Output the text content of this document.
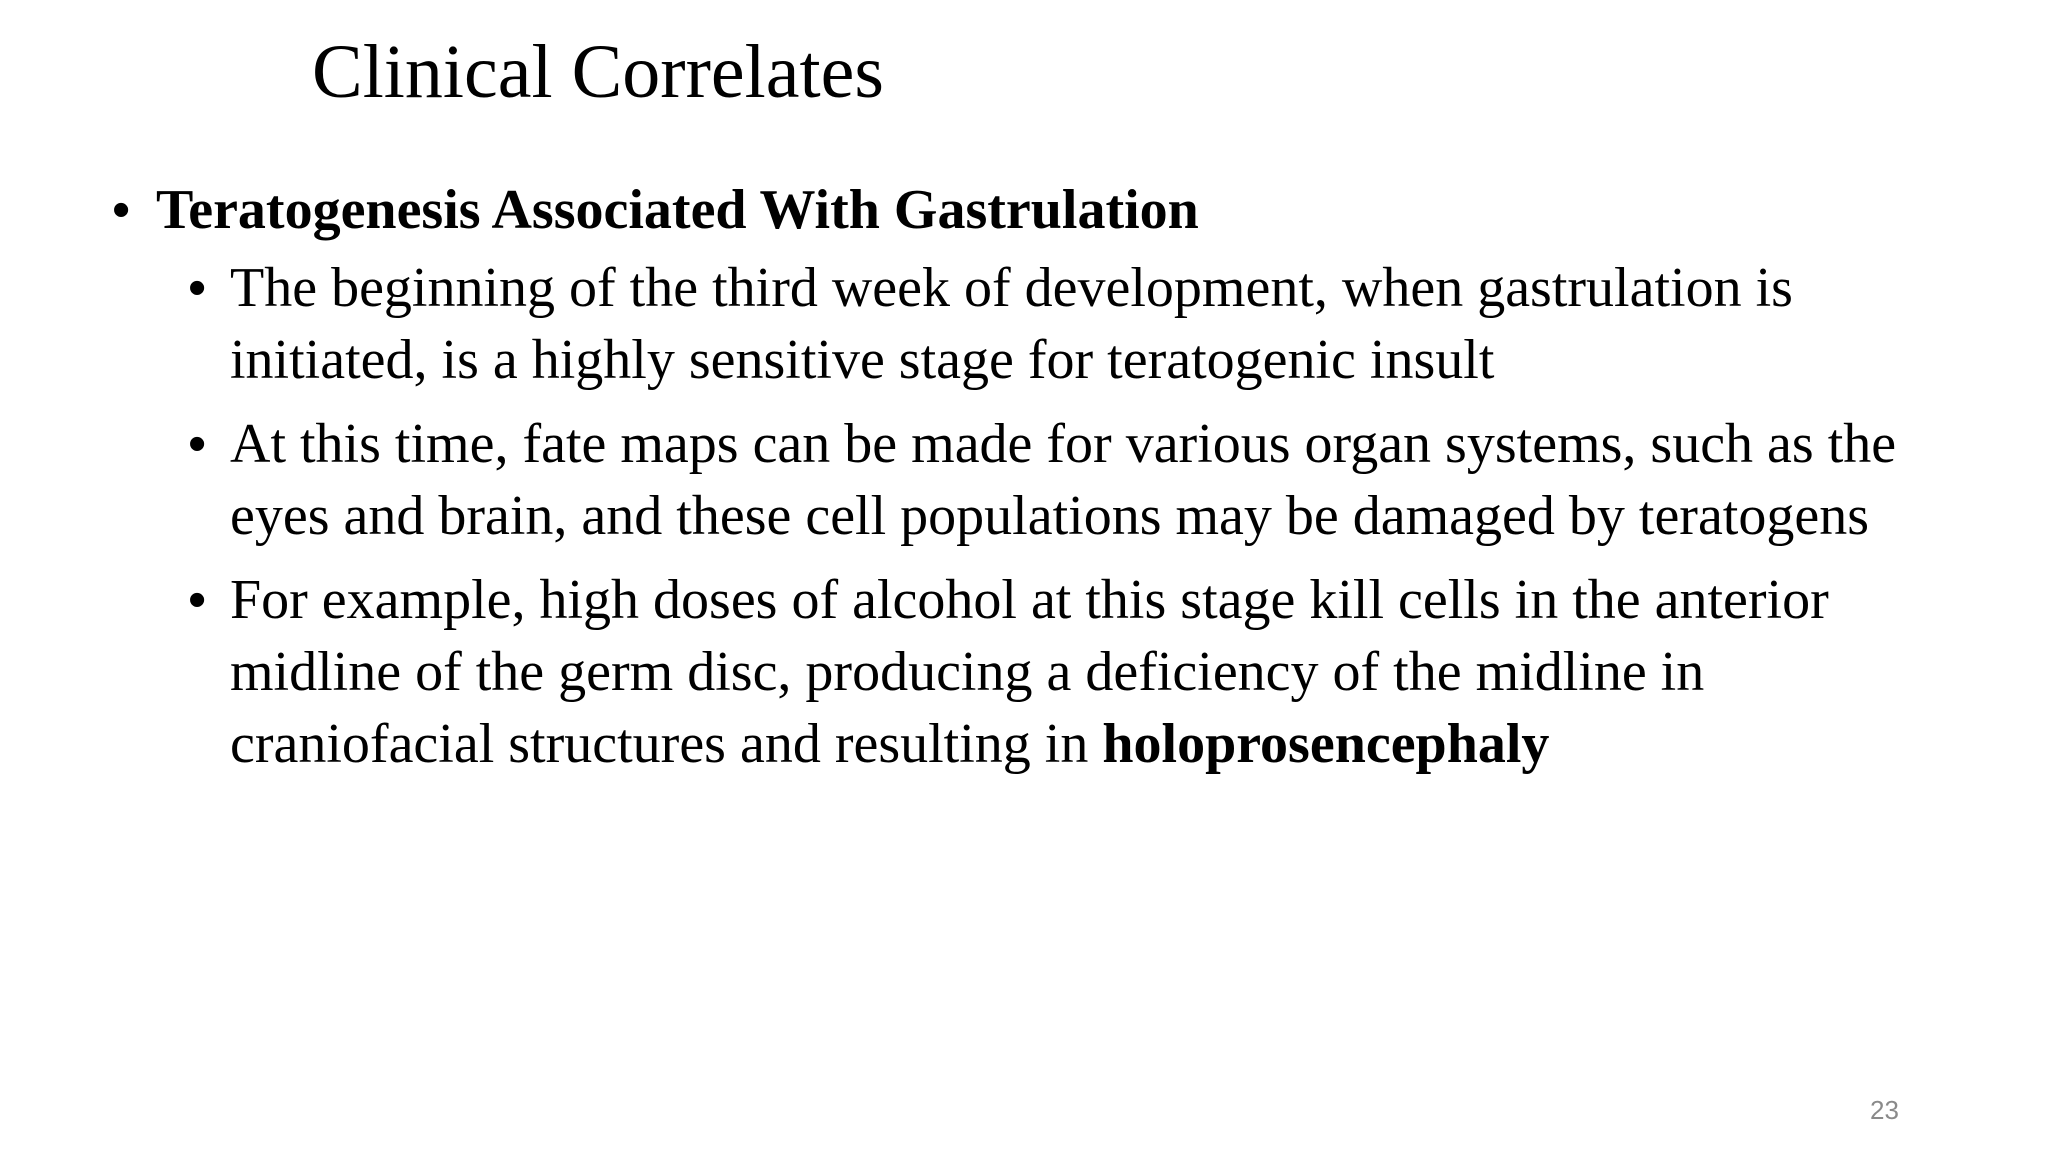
Clinical Correlates
• Teratogenesis Associated With Gastrulation
• The beginning of the third week of development, when gastrulation is initiated, is a highly sensitive stage for teratogenic insult
• At this time, fate maps can be made for various organ systems, such as the eyes and brain, and these cell populations may be damaged by teratogens
• For example, high doses of alcohol at this stage kill cells in the anterior midline of the germ disc, producing a deficiency of the midline in craniofacial structures and resulting in holoprosencephaly
23
